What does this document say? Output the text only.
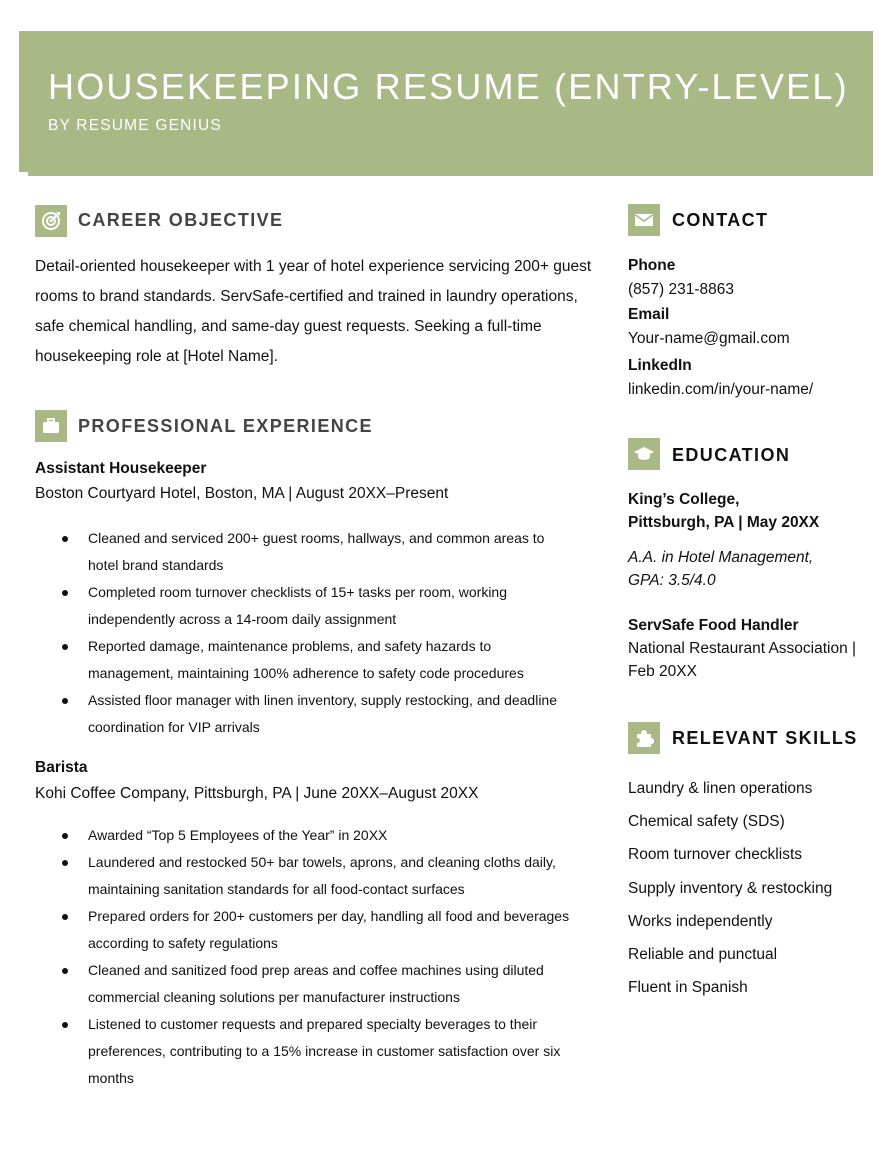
HOUSEKEEPING RESUME (ENTRY-LEVEL)
BY RESUME GENIUS
CAREER OBJECTIVE

Detail-oriented housekeeper with 1 year of hotel experience servicing 200+ guest rooms to brand standards. ServSafe-certified and trained in laundry operations, safe chemical handling, and same-day guest requests. Seeking a full-time housekeeping role at [Hotel Name].

PROFESSIONAL EXPERIENCE
Assistant Housekeeper
Boston Courtyard Hotel, Boston, MA | August 20XX–Present
Cleaned and serviced 200+ guest rooms, hallways, and common areas to hotel brand standards
Completed room turnover checklists of 15+ tasks per room, working independently across a 14-room daily assignment
Reported damage, maintenance problems, and safety hazards to management, maintaining 100% adherence to safety code procedures
Assisted floor manager with linen inventory, supply restocking, and deadline coordination for VIP arrivals
Barista
Kohi Coffee Company, Pittsburgh, PA | June 20XX–August 20XX
Awarded “Top 5 Employees of the Year” in 20XX
Laundered and restocked 50+ bar towels, aprons, and cleaning cloths daily, maintaining sanitation standards for all food-contact surfaces
Prepared orders for 200+ customers per day, handling all food and beverages according to safety regulations
Cleaned and sanitized food prep areas and coffee machines using diluted commercial cleaning solutions per manufacturer instructions
Listened to customer requests and prepared specialty beverages to their preferences, contributing to a 15% increase in customer satisfaction over six months
CONTACT
Phone
(857) 231-8863
Email
Your-name@gmail.com
LinkedIn
linkedin.com/in/your-name/
EDUCATION
King’s College,
Pittsburgh, PA | May 20XX
A.A. in Hotel Management,
GPA: 3.5/4.0
ServSafe Food Handler
National Restaurant Association |
Feb 20XX
RELEVANT SKILLS
Laundry & linen operations
Chemical safety (SDS)
Room turnover checklists
Supply inventory & restocking
Works independently
Reliable and punctual
Fluent in Spanish
